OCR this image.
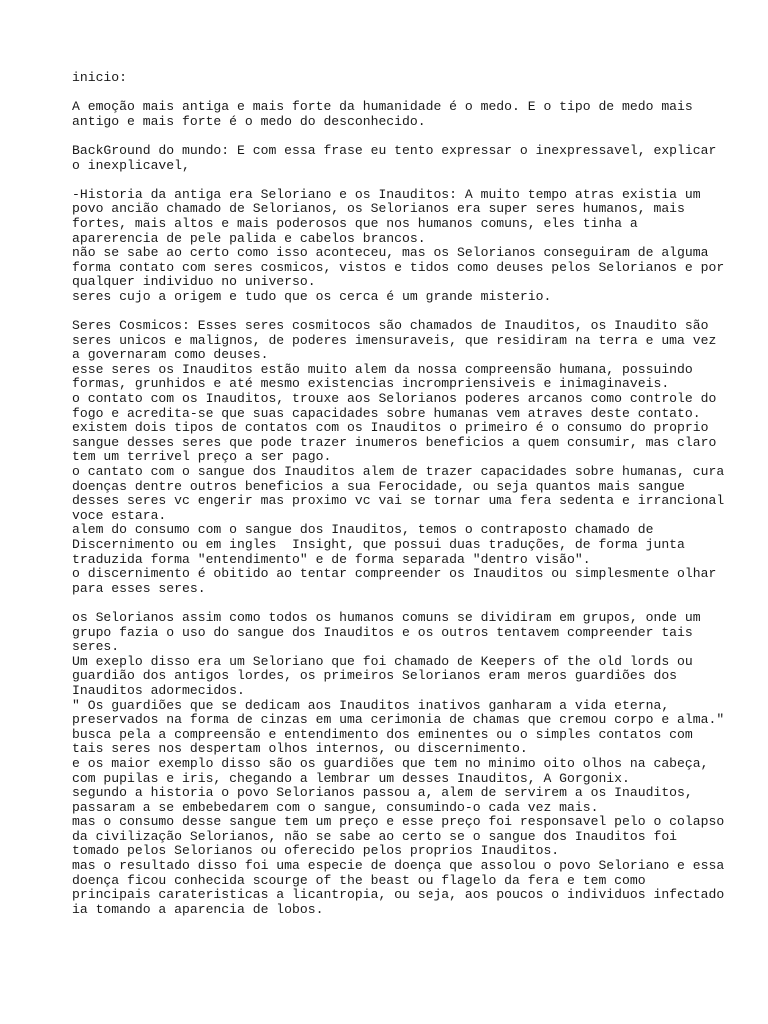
inicio:
A emoção mais antiga e mais forte da humanidade é o medo. E o tipo de medo mais
antigo e mais forte é o medo do desconhecido.
BackGround do mundo: E com essa frase eu tento expressar o inexpressavel, explicar
o inexplicavel,
-Historia da antiga era Seloriano e os Inauditos: A muito tempo atras existia um
povo ancião chamado de Selorianos, os Selorianos era super seres humanos, mais
fortes, mais altos e mais poderosos que nos humanos comuns, eles tinha a
aparerencia de pele palida e cabelos brancos.
não se sabe ao certo como isso aconteceu, mas os Selorianos conseguiram de alguma
forma contato com seres cosmicos, vistos e tidos como deuses pelos Selorianos e por
qualquer individuo no universo.
seres cujo a origem e tudo que os cerca é um grande misterio.
Seres Cosmicos: Esses seres cosmitocos são chamados de Inauditos, os Inaudito são
seres unicos e malignos, de poderes imensuraveis, que residiram na terra e uma vez
a governaram como deuses.
esse seres os Inauditos estão muito alem da nossa compreensão humana, possuindo
formas, grunhidos e até mesmo existencias incrompriensiveis e inimaginaveis.
o contato com os Inauditos, trouxe aos Selorianos poderes arcanos como controle do
fogo e acredita-se que suas capacidades sobre humanas vem atraves deste contato.
existem dois tipos de contatos com os Inauditos o primeiro é o consumo do proprio
sangue desses seres que pode trazer inumeros beneficios a quem consumir, mas claro
tem um terrivel preço a ser pago.
o cantato com o sangue dos Inauditos alem de trazer capacidades sobre humanas, cura
doenças dentre outros beneficios a sua Ferocidade, ou seja quantos mais sangue
desses seres vc engerir mas proximo vc vai se tornar uma fera sedenta e irrancional
voce estara.
alem do consumo com o sangue dos Inauditos, temos o contraposto chamado de
Discernimento ou em ingles  Insight, que possui duas traduções, de forma junta
traduzida forma "entendimento" e de forma separada "dentro visão".
o discernimento é obitido ao tentar compreender os Inauditos ou simplesmente olhar
para esses seres.
os Selorianos assim como todos os humanos comuns se dividiram em grupos, onde um
grupo fazia o uso do sangue dos Inauditos e os outros tentavem compreender tais
seres.
Um exeplo disso era um Seloriano que foi chamado de Keepers of the old lords ou
guardião dos antigos lordes, os primeiros Selorianos eram meros guardiões dos
Inauditos adormecidos.
" Os guardiões que se dedicam aos Inauditos inativos ganharam a vida eterna,
preservados na forma de cinzas em uma cerimonia de chamas que cremou corpo e alma."
busca pela a compreensão e entendimento dos eminentes ou o simples contatos com
tais seres nos despertam olhos internos, ou discernimento.
e os maior exemplo disso são os guardiões que tem no minimo oito olhos na cabeça,
com pupilas e iris, chegando a lembrar um desses Inauditos, A Gorgonix.
segundo a historia o povo Selorianos passou a, alem de servirem a os Inauditos,
passaram a se embebedarem com o sangue, consumindo-o cada vez mais.
mas o consumo desse sangue tem um preço e esse preço foi responsavel pelo o colapso
da civilização Selorianos, não se sabe ao certo se o sangue dos Inauditos foi
tomado pelos Selorianos ou oferecido pelos proprios Inauditos.
mas o resultado disso foi uma especie de doença que assolou o povo Seloriano e essa
doença ficou conhecida scourge of the beast ou flagelo da fera e tem como
principais carateristicas a licantropia, ou seja, aos poucos o individuos infectado
ia tomando a aparencia de lobos.
